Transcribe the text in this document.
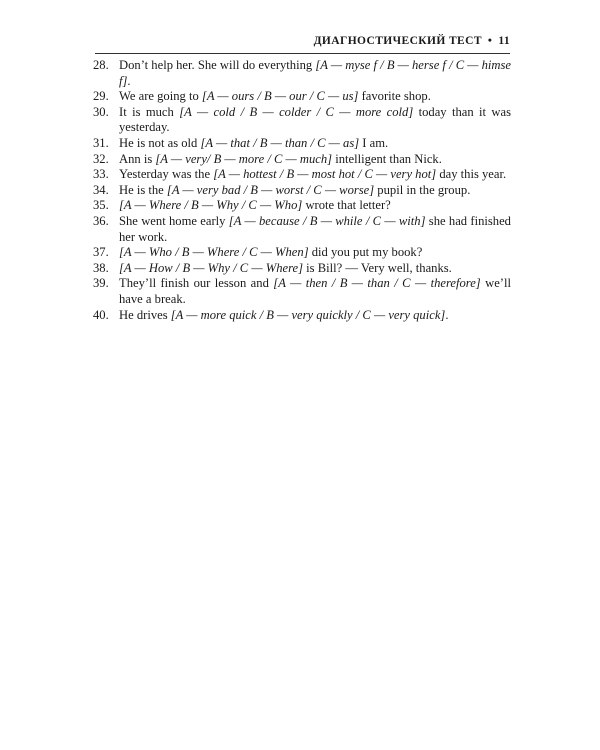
ДИАГНОСТИЧЕСКИЙ ТЕСТ • 11
28. Don’t help her. She will do everything [A — myse f / B — herse f / C — himse f].
29. We are going to [A — ours / B — our / C — us] favorite shop.
30. It is much [A — cold / B — colder / C — more cold] today than it was yesterday.
31. He is not as old [A — that / B — than / C — as] I am.
32. Ann is [A — very/ B — more / C — much] intelligent than Nick.
33. Yesterday was the [A — hottest / B — most hot / C — very hot] day this year.
34. He is the [A — very bad / B — worst / C — worse] pupil in the group.
35. [A — Where / B — Why / C — Who] wrote that letter?
36. She went home early [A — because / B — while / C — with] she had finished her work.
37. [A — Who / B — Where / C — When] did you put my book?
38. [A — How / B — Why / C — Where] is Bill? — Very well, thanks.
39. They’ll finish our lesson and [A — then / B — than / C — therefore] we’ll have a break.
40. He drives [A — more quick / B — very quickly / C — very quick].
